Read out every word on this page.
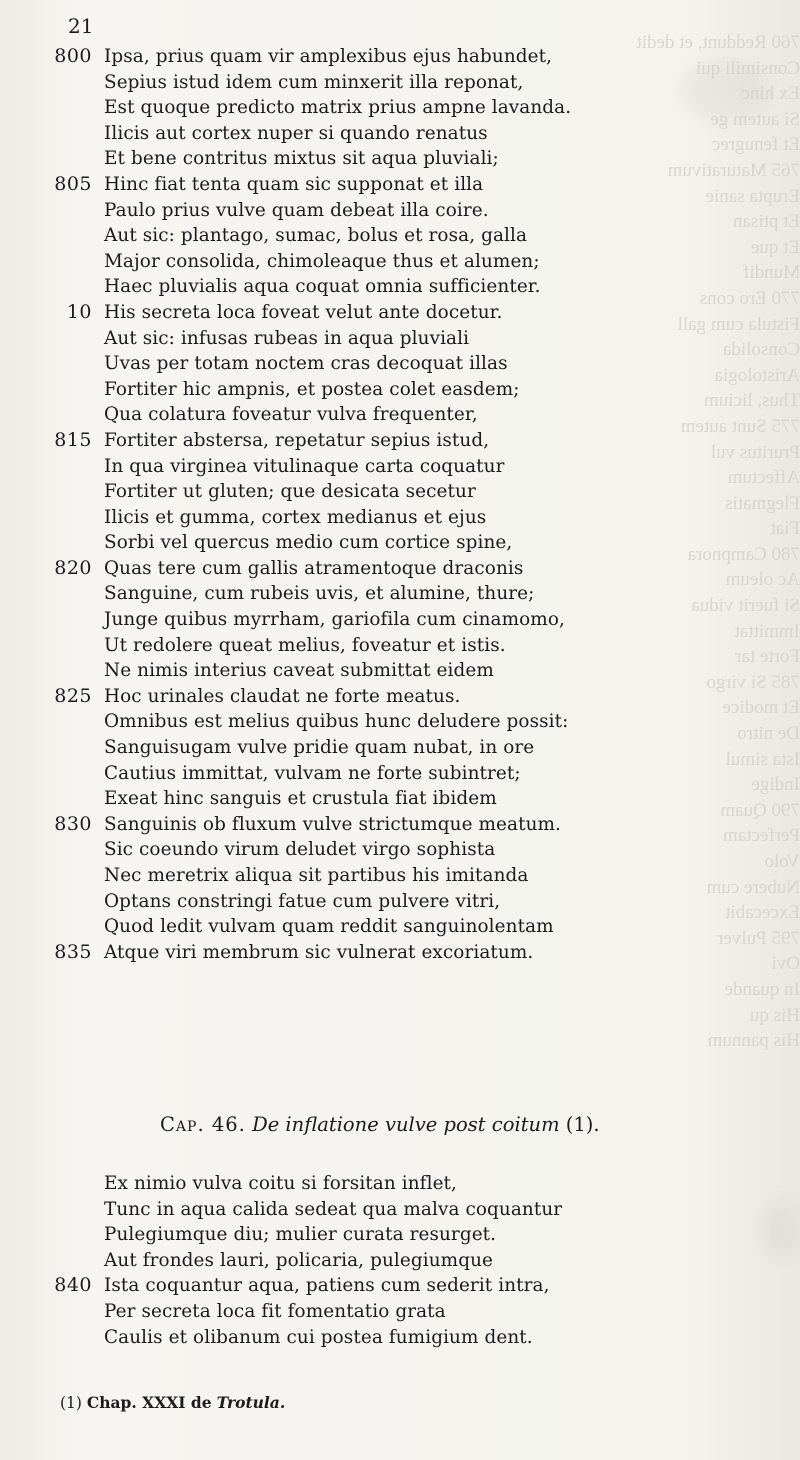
760 Reddunt, et dedit
Consimili qui
Ex hinc
Si autem ge
Et fenugrec
765 Maturativum
Erupta sanie
Et ptisan
Et que
Mundif
770 Ero cons
Fistula cum gall
Consolida
Aristologia
Thus, licium
775 Sunt autem
Pruritus vul
Affectum
Flegmatis
Fiat
780 Campnora
Ac oleum
Si fuerit vidua
Immittat
Forte tar
785 Si virgo
Et modice
De nitro
Ista simul
Indige
790 Quam
Perfectam
Volo
Nubere cum
Excecabit
795 Pulver
Ovi
In quande
His qu
His pannum
21
800 Ipsa, prius quam vir amplexibus ejus habundet,
Sepius istud idem cum minxerit illa reponat,
Est quoque predicto matrix prius ampne lavanda.
Ilicis aut cortex nuper si quando renatus
Et bene contritus mixtus sit aqua pluviali;
805 Hinc fiat tenta quam sic supponat et illa
Paulo prius vulve quam debeat illa coire.
Aut sic: plantago, sumac, bolus et rosa, galla
Major consolida, chimoleaque thus et alumen;
Haec pluvialis aqua coquat omnia sufficienter.
10 His secreta loca foveat velut ante docetur.
Aut sic: infusas rubeas in aqua pluviali
Uvas per totam noctem cras decoquat illas
Fortiter hic ampnis, et postea colet easdem;
Qua colatura foveatur vulva frequenter,
815 Fortiter abstersa, repetatur sepius istud,
In qua virginea vitulinaque carta coquatur
Fortiter ut gluten; que desicata secetur
Ilicis et gumma, cortex medianus et ejus
Sorbi vel quercus medio cum cortice spine,
820 Quas tere cum gallis atramentoque draconis
Sanguine, cum rubeis uvis, et alumine, thure;
Junge quibus myrrham, gariofila cum cinamomo,
Ut redolere queat melius, foveatur et istis.
Ne nimis interius caveat submittat eidem
825 Hoc urinales claudat ne forte meatus.
Omnibus est melius quibus hunc deludere possit:
Sanguisugam vulve pridie quam nubat, in ore
Cautius immittat, vulvam ne forte subintret;
Exeat hinc sanguis et crustula fiat ibidem
830 Sanguinis ob fluxum vulve strictumque meatum.
Sic coeundo virum deludet virgo sophista
Nec meretrix aliqua sit partibus his imitanda
Optans constringi fatue cum pulvere vitri,
Quod ledit vulvam quam reddit sanguinolentam
835 Atque viri membrum sic vulnerat excoriatum.
Cap. 46. De inflatione vulve post coitum (1).
Ex nimio vulva coitu si forsitan inflet,
Tunc in aqua calida sedeat qua malva coquantur
Pulegiumque diu; mulier curata resurget.
Aut frondes lauri, policaria, pulegiumque
840 Ista coquantur aqua, patiens cum sederit intra,
Per secreta loca fit fomentatio grata
Caulis et olibanum cui postea fumigium dent.
(1) Chap. XXXI de Trotula.
